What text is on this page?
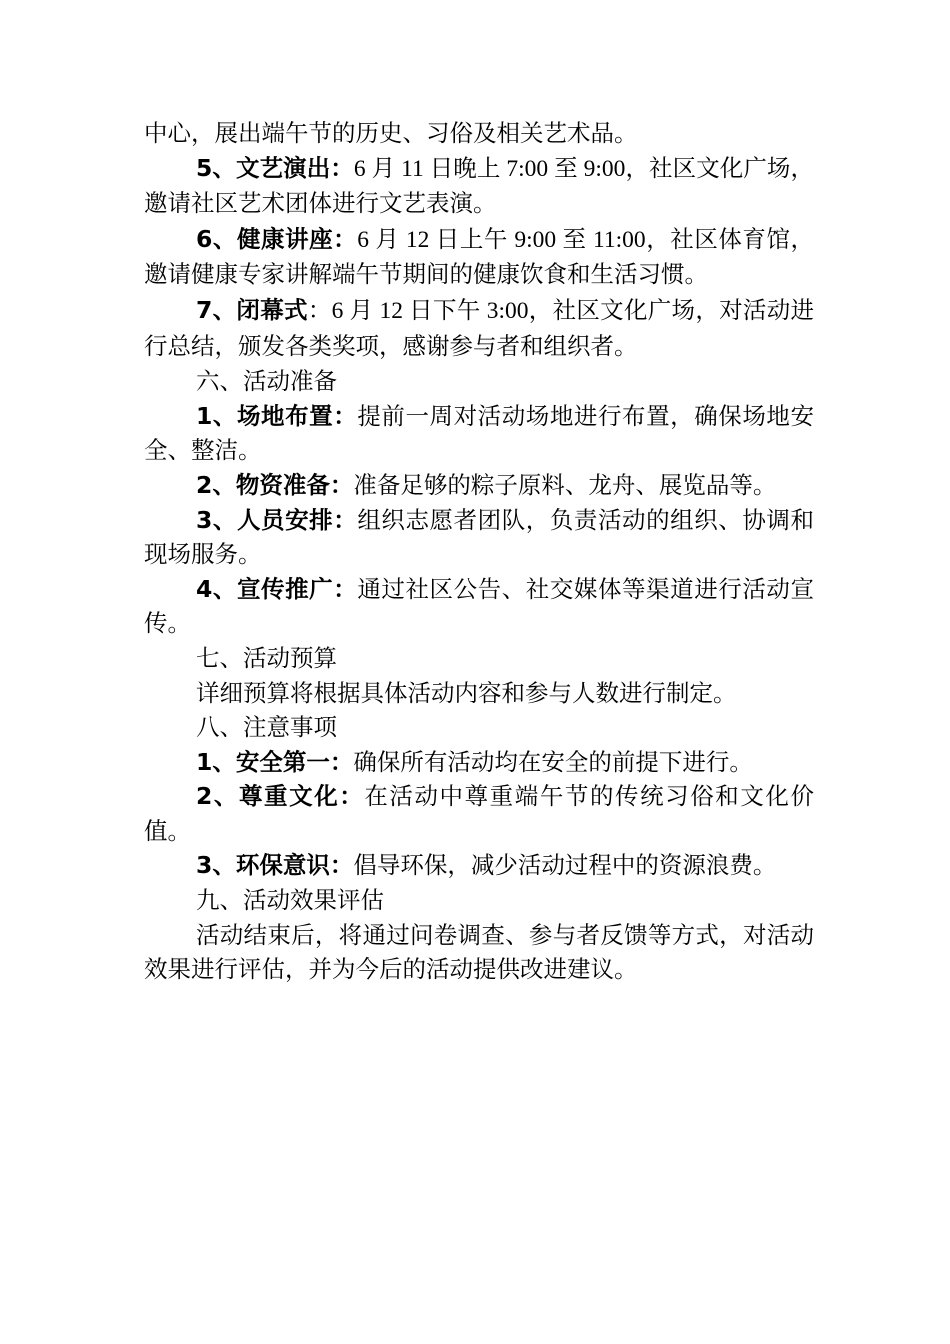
中心，展出端午节的历史、习俗及相关艺术品。

5、文艺演出：6 月 11 日晚上 7:00 至 9:00，社区文化广场，邀请社区艺术团体进行文艺表演。

6、健康讲座：6 月 12 日上午 9:00 至 11:00，社区体育馆，邀请健康专家讲解端午节期间的健康饮食和生活习惯。

7、闭幕式：6 月 12 日下午 3:00，社区文化广场，对活动进行总结，颁发各类奖项，感谢参与者和组织者。

六、活动准备

1、场地布置：提前一周对活动场地进行布置，确保场地安全、整洁。

2、物资准备：准备足够的粽子原料、龙舟、展览品等。

3、人员安排：组织志愿者团队，负责活动的组织、协调和现场服务。

4、宣传推广：通过社区公告、社交媒体等渠道进行活动宣传。

七、活动预算

详细预算将根据具体活动内容和参与人数进行制定。

八、注意事项

1、安全第一：确保所有活动均在安全的前提下进行。

2、尊重文化：在活动中尊重端午节的传统习俗和文化价值。

3、环保意识：倡导环保，减少活动过程中的资源浪费。

九、活动效果评估

活动结束后，将通过问卷调查、参与者反馈等方式，对活动效果进行评估，并为今后的活动提供改进建议。
